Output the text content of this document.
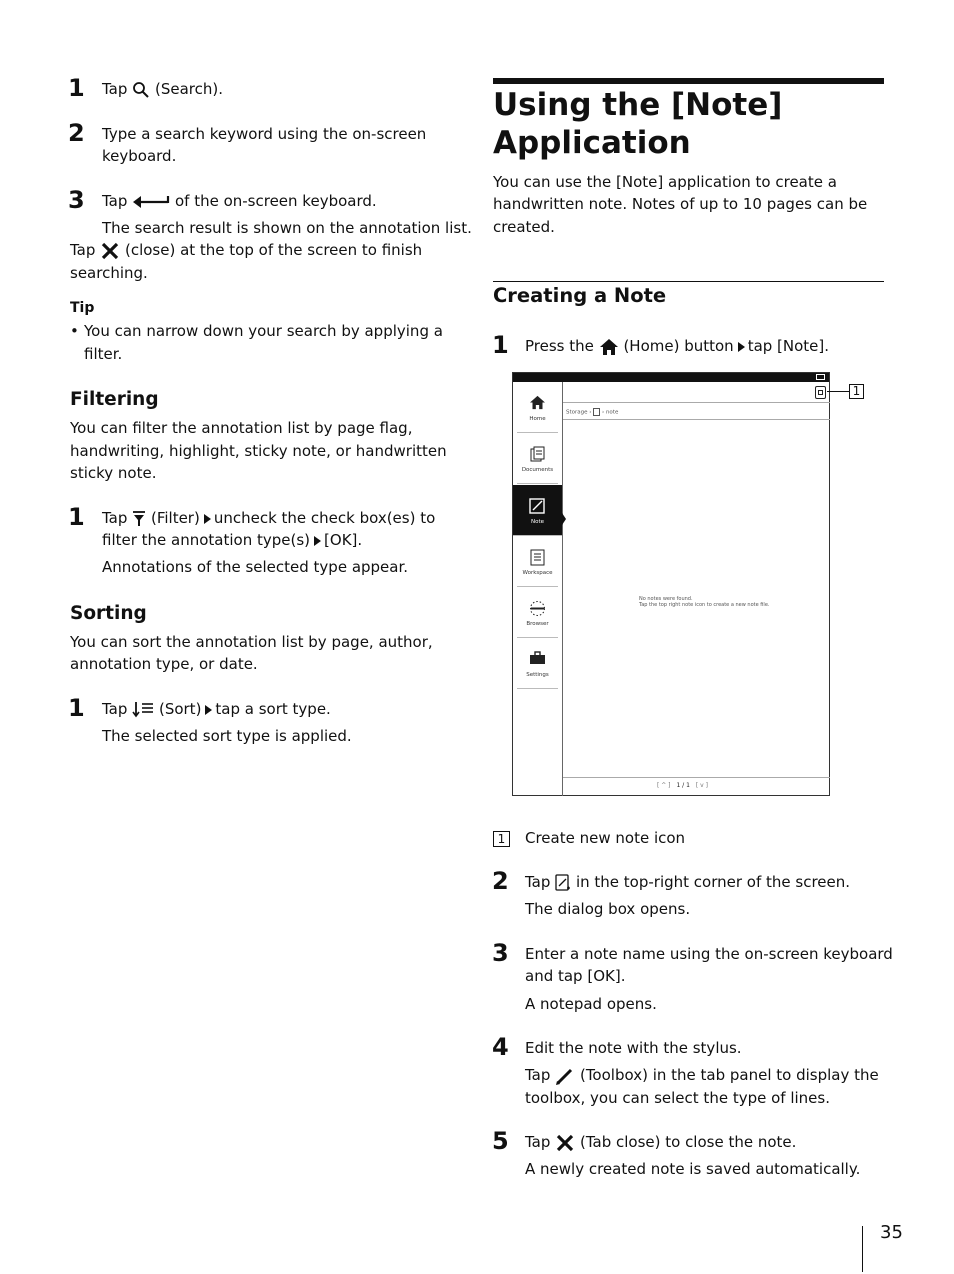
1 Tap (Search).
2 Type a search keyword using the on-screen
keyboard.
3 Tap	of the on-screen keyboard.
The search result is shown on the annotation list.
Tap (close) at the top of the screen to finish
searching.
Tip
• You can narrow down your search by applying a
filter.
Filtering
You can filter the annotation list by page flag,
handwriting, highlight, sticky note, or handwritten
sticky note.
1 Tap (Filter) uncheck the check box(es) to
filter the annotation type(s) [OK].
Annotations of the selected type appear.
Sorting
You can sort the annotation list by page, author,
annotation type, or date.
1 Tap (Sort) tap a sort type.
The selected sort type is applied.
Using the [Note]
Application
You can use the [Note] application to create a
handwritten note. Notes of up to 10 pages can be
created.
Creating a Note
1 Press the (Home) button tap [Note].
Home
Documents
Note
Workspace
Browser
Settings
Storage › › note
No notes were found.
Tap the top right note icon to create a new note file.
[ ^ ] 1 / 1 [ v ]
1
1	Create new note icon
2 Tap in the top-right corner of the screen.
The dialog box opens.
3 Enter a note name using the on-screen keyboard
and tap [OK].
A notepad opens.
4 Edit the note with the stylus.
Tap (Toolbox) in the tab panel to display the
toolbox, you can select the type of lines.
5 Tap (Tab close) to close the note.
A newly created note is saved automatically.
35
